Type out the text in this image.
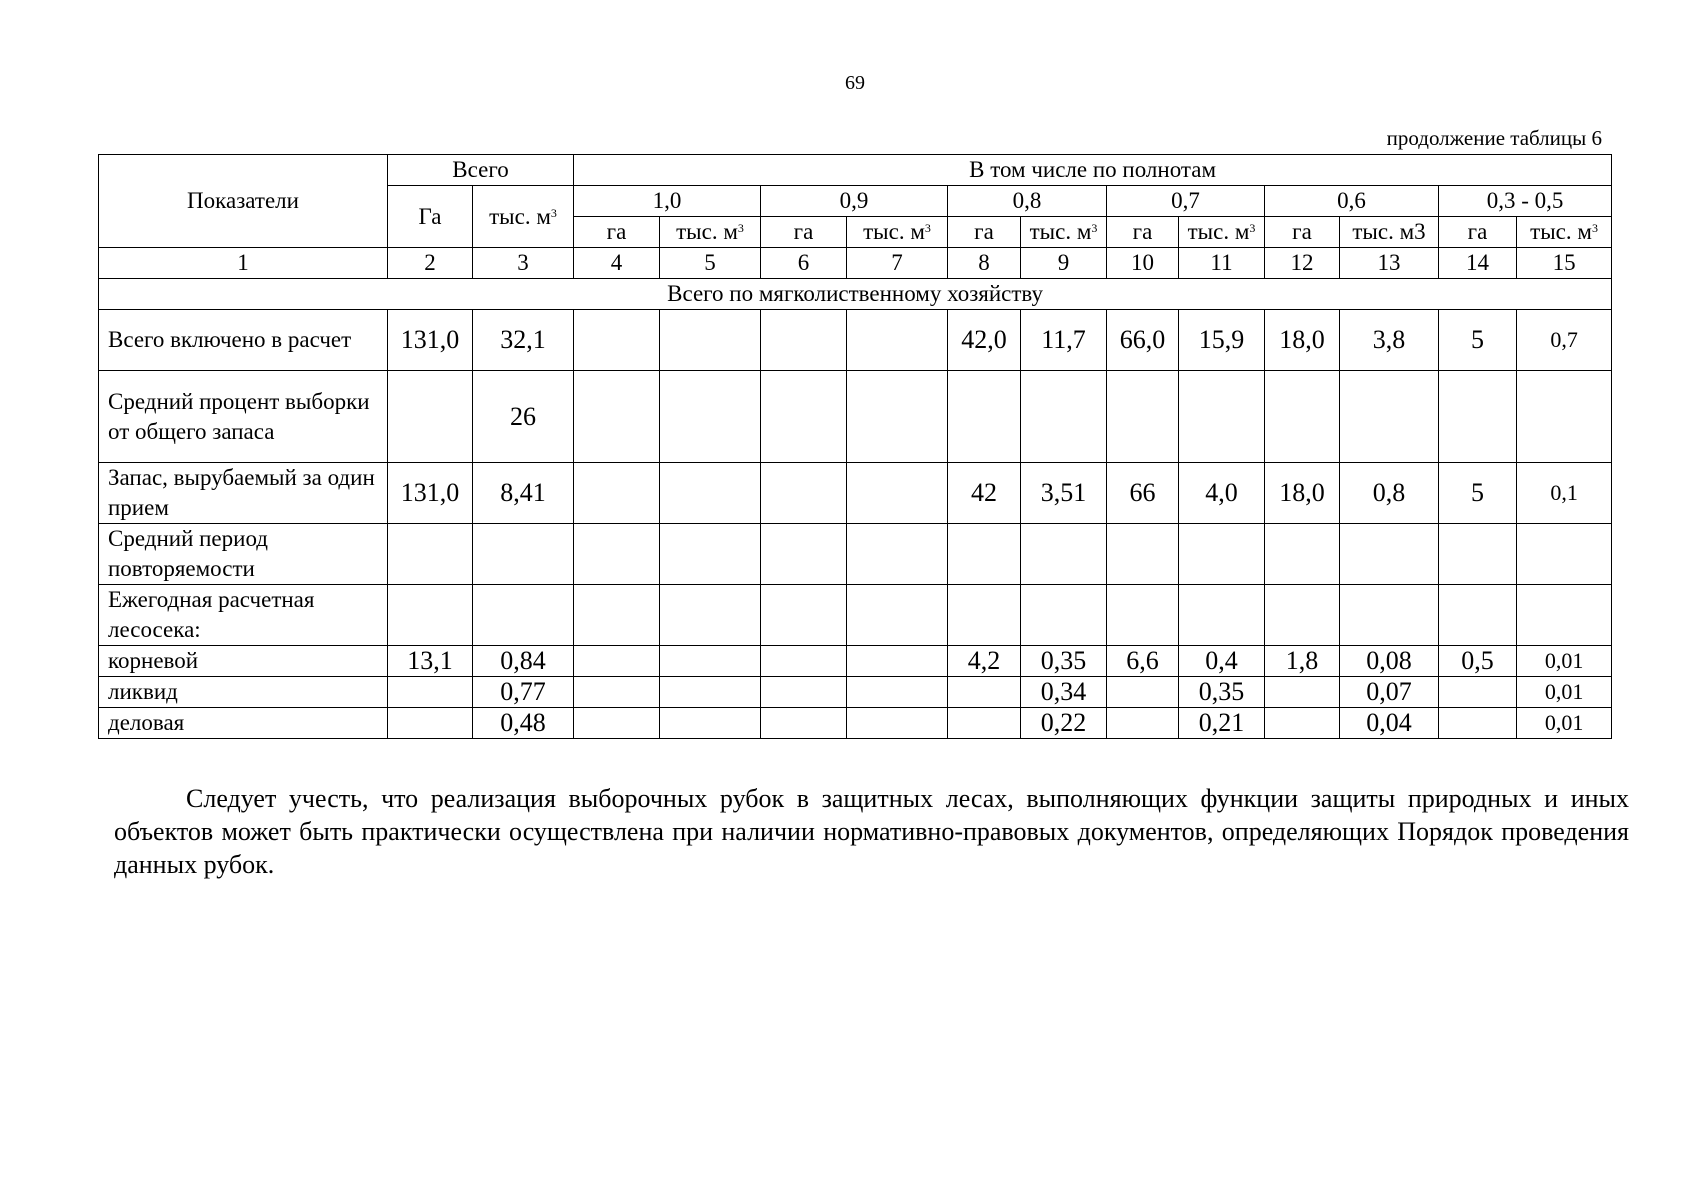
69
продолжение таблицы 6
Показатели	Всего		В том числе по полнотам											
	Га	тыс. $м^3$	1,0		0,9		0,8		0,7		0,6		0,3 - 0,5	
			га	тыс. $м^3$	га	тыс. $м^3$	га	тыс. $м^3$	га	тыс. $м^3$	га	тыс. м3	га	тыс. $м^3$
1	2	3	4	5	6	7	8	9	10	11	12	13	14	15
Всего по мягколиственному хозяйству														
Всего включено в расчет	131,0	32,1					42,0	11,7	66,0	15,9	18,0	3,8	5	0,7
Средний процент выборки от общего запаса		26												
Запас, вырубаемый за один прием	131,0	8,41					42	3,51	66	4,0	18,0	0,8	5	0,1
Средний период повторяемости														
Ежегодная расчетная лесосека:														
корневой	13,1	0,84					4,2	0,35	6,6	0,4	1,8	0,08	0,5	0,01
ликвид		0,77						0,34		0,35		0,07		0,01
деловая		0,48						0,22		0,21		0,04		0,01
Следует учесть, что реализация выборочных рубок в защитных лесах, выполняющих функции защиты природных и иных объектов может быть практически осуществлена при наличии нормативно-правовых документов, определяющих Порядок проведения данных рубок.
